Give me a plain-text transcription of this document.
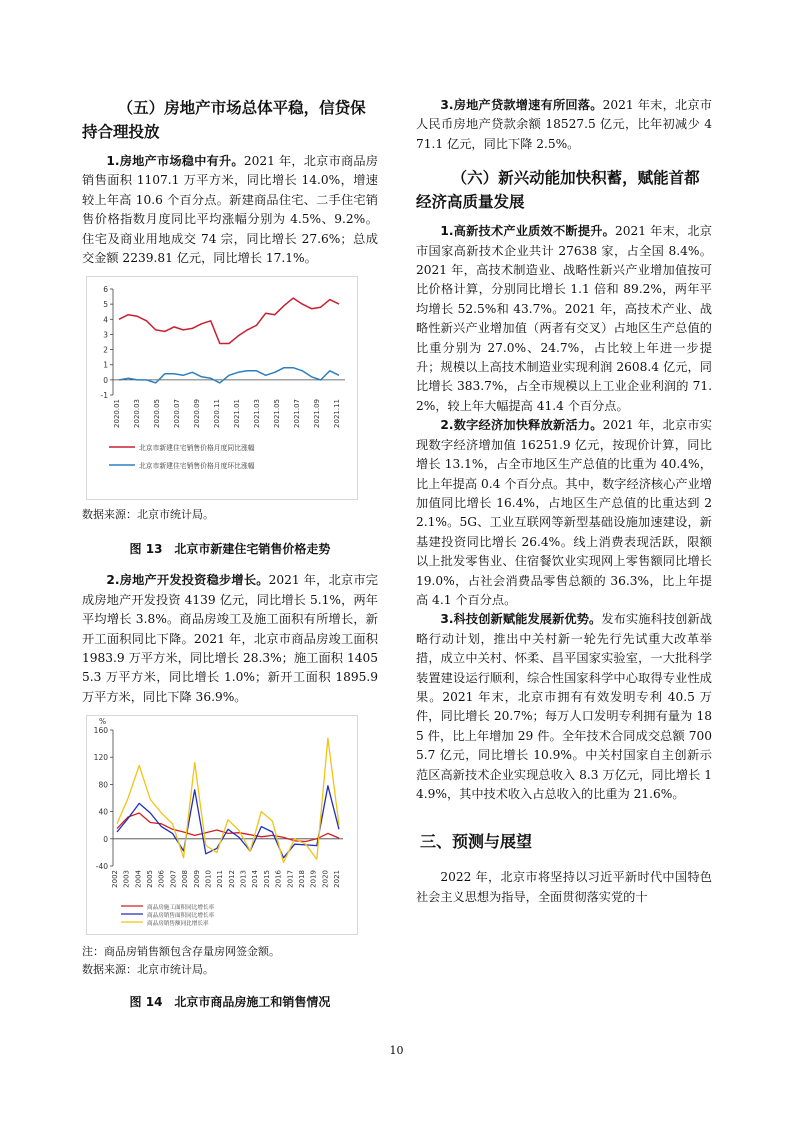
（五）房地产市场总体平稳，信贷保持合理投放

1.房地产市场稳中有升。2021 年，北京市商品房销售面积 1107.1 万平方米，同比增长 14.0%，增速较上年高 10.6 个百分点。新建商品住宅、二手住宅销售价格指数月度同比平均涨幅分别为 4.5%、9.2%。住宅及商业用地成交 74 宗，同比增长 27.6%；总成交金额 2239.81 亿元，同比增长 17.1%。

6
5
4
3
2
1
0
-1
2020.01 2020.03 2020.05 2020.07 2020.09 2020.11 2021.01 2021.03 2021.05 2021.07 2021.09 2021.11
北京市新建住宅销售价格月度同比涨幅
北京市新建住宅销售价格月度环比涨幅

数据来源：北京市统计局。

图 13　北京市新建住宅销售价格走势

2.房地产开发投资稳步增长。2021 年，北京市完成房地产开发投资 4139 亿元，同比增长 5.1%，两年平均增长 3.8%。商品房竣工及施工面积有所增长，新开工面积同比下降。2021 年，北京市商品房竣工面积 1983.9 万平方米，同比增长 28.3%；施工面积 14055.3 万平方米，同比增长 1.0%；新开工面积 1895.9 万平方米，同比下降 36.9%。

160
120
80
40
0
-40
%
2002 2003 2004 2005 2006 2007 2008 2009 2010 2011 2012 2013 2014 2015 2016 2017 2018 2019 2020 2021
商品房施工面积同比增长率
商品房销售面积同比增长率
商品房销售额同比增长率

注：商品房销售额包含存量房网签金额。

数据来源：北京市统计局。

图 14　北京市商品房施工和销售情况

3.房地产贷款增速有所回落。2021 年末，北京市人民币房地产贷款余额 18527.5 亿元，比年初减少 471.1 亿元，同比下降 2.5%。

（六）新兴动能加快积蓄，赋能首都经济高质量发展

1.高新技术产业质效不断提升。2021 年末，北京市国家高新技术企业共计 27638 家，占全国 8.4%。2021 年，高技术制造业、战略性新兴产业增加值按可比价格计算，分别同比增长 1.1 倍和 89.2%，两年平均增长 52.5%和 43.7%。2021 年，高技术产业、战略性新兴产业增加值（两者有交叉）占地区生产总值的比重分别为 27.0%、24.7%，占比较上年进一步提升；规模以上高技术制造业实现利润 2608.4 亿元，同比增长 383.7%，占全市规模以上工业企业利润的 71.2%，较上年大幅提高 41.4 个百分点。

2.数字经济加快释放新活力。2021 年，北京市实现数字经济增加值 16251.9 亿元，按现价计算，同比增长 13.1%，占全市地区生产总值的比重为 40.4%，比上年提高 0.4 个百分点。其中，数字经济核心产业增加值同比增长 16.4%，占地区生产总值的比重达到 22.1%。5G、工业互联网等新型基础设施加速建设，新基建投资同比增长 26.4%。线上消费表现活跃，限额以上批发零售业、住宿餐饮业实现网上零售额同比增长 19.0%，占社会消费品零售总额的 36.3%，比上年提高 4.1 个百分点。

3.科技创新赋能发展新优势。发布实施科技创新战略行动计划，推出中关村新一轮先行先试重大改革举措，成立中关村、怀柔、昌平国家实验室，一大批科学装置建设运行顺利，综合性国家科学中心取得专业性成果。2021 年末，北京市拥有有效发明专利 40.5 万件，同比增长 20.7%；每万人口发明专利拥有量为 185 件，比上年增加 29 件。全年技术合同成交总额 7005.7 亿元，同比增长 10.9%。中关村国家自主创新示范区高新技术企业实现总收入 8.3 万亿元，同比增长 14.9%，其中技术收入占总收入的比重为 21.6%。

三、预测与展望

2022 年，北京市将坚持以习近平新时代中国特色社会主义思想为指导，全面贯彻落实党的十

10
